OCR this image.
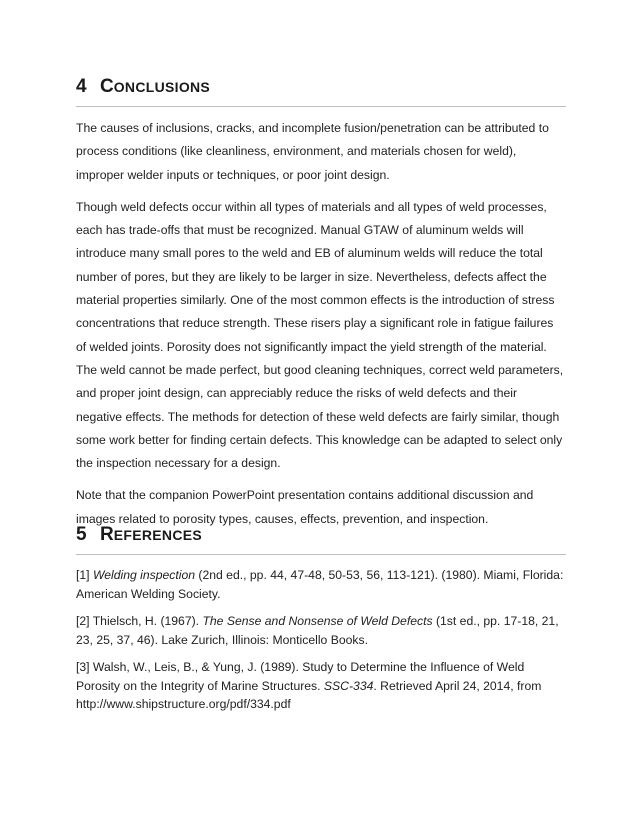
4 CONCLUSIONS

The causes of inclusions, cracks, and incomplete fusion/penetration can be attributed to process conditions (like cleanliness, environment, and materials chosen for weld), improper welder inputs or techniques, or poor joint design.

Though weld defects occur within all types of materials and all types of weld processes, each has trade-offs that must be recognized. Manual GTAW of aluminum welds will introduce many small pores to the weld and EB of aluminum welds will reduce the total number of pores, but they are likely to be larger in size. Nevertheless, defects affect the material properties similarly. One of the most common effects is the introduction of stress concentrations that reduce strength. These risers play a significant role in fatigue failures of welded joints. Porosity does not significantly impact the yield strength of the material. The weld cannot be made perfect, but good cleaning techniques, correct weld parameters, and proper joint design, can appreciably reduce the risks of weld defects and their negative effects. The methods for detection of these weld defects are fairly similar, though some work better for finding certain defects. This knowledge can be adapted to select only the inspection necessary for a design.

Note that the companion PowerPoint presentation contains additional discussion and images related to porosity types, causes, effects, prevention, and inspection.

5 REFERENCES

[1] Welding inspection (2nd ed., pp. 44, 47-48, 50-53, 56, 113-121). (1980). Miami, Florida: American Welding Society.

[2] Thielsch, H. (1967). The Sense and Nonsense of Weld Defects (1st ed., pp. 17-18, 21, 23, 25, 37, 46). Lake Zurich, Illinois: Monticello Books.

[3] Walsh, W., Leis, B., & Yung, J. (1989). Study to Determine the Influence of Weld Porosity on the Integrity of Marine Structures. SSC-334. Retrieved April 24, 2014, from http://www.shipstructure.org/pdf/334.pdf
